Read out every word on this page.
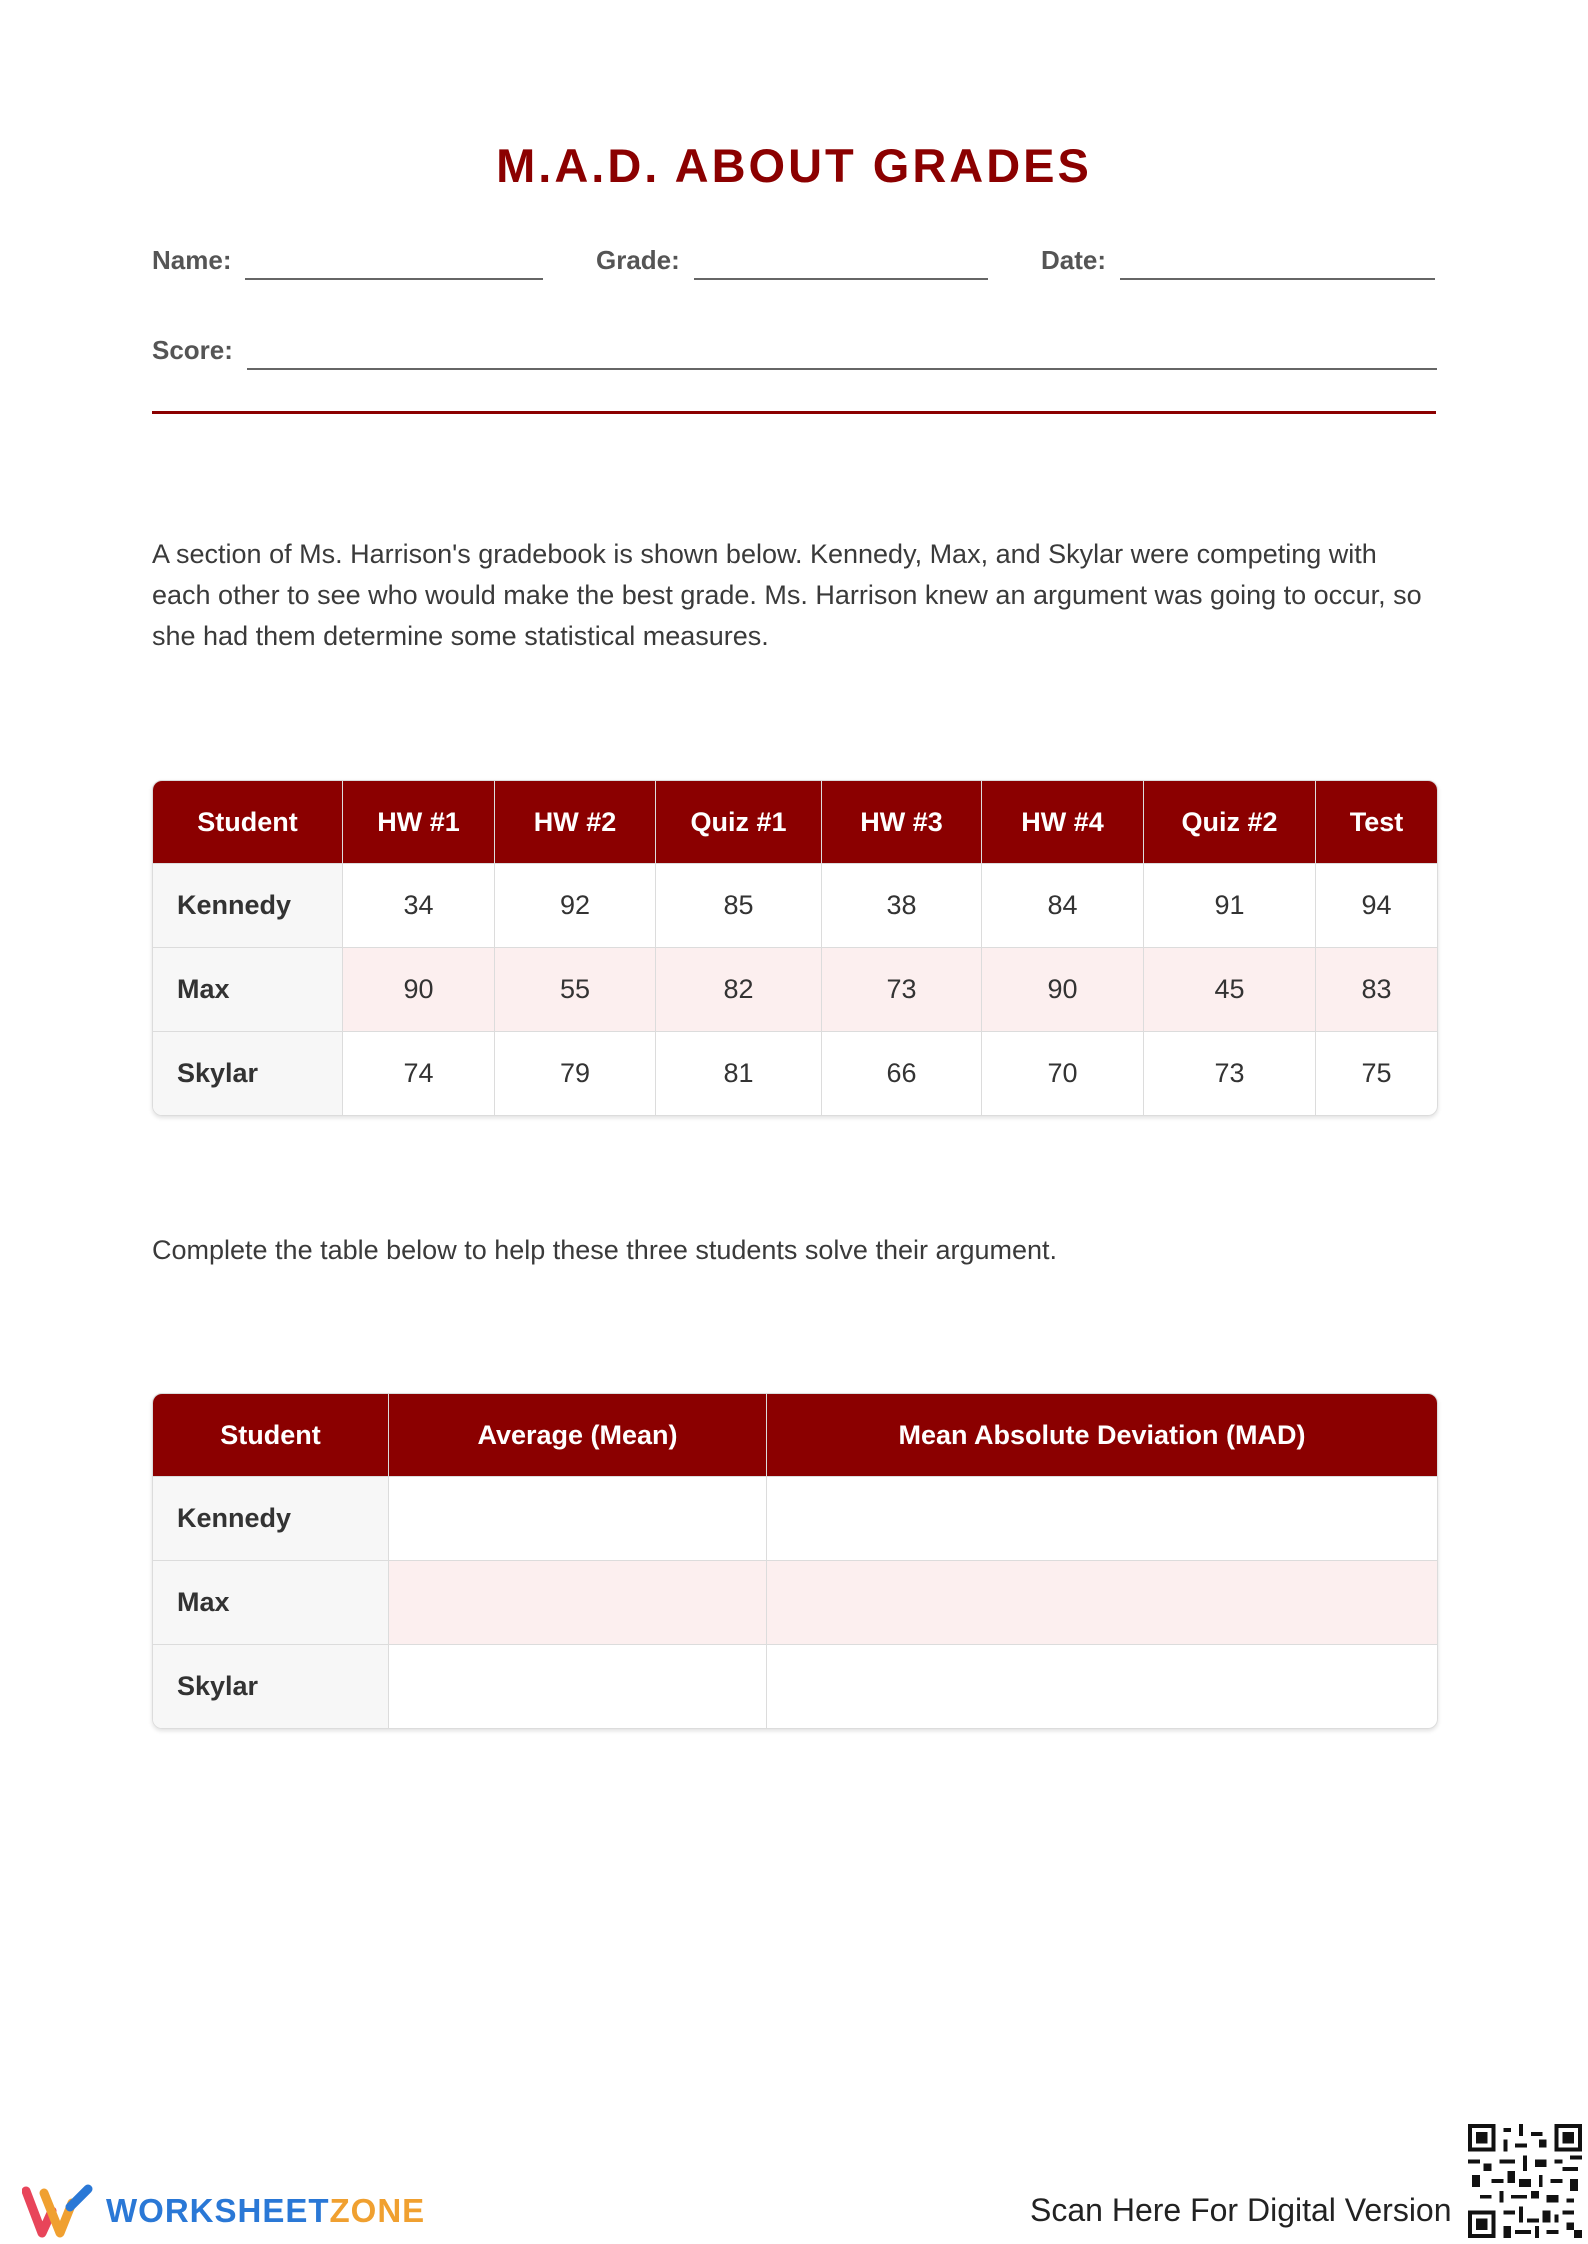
M.A.D. ABOUT GRADES
Name:	Grade:	Date:
Score:

A section of Ms. Harrison's gradebook is shown below. Kennedy, Max, and Skylar were competing with each other to see who would make the best grade. Ms. Harrison knew an argument was going to occur, so she had them determine some statistical measures.

Student	HW #1	HW #2	Quiz #1	HW #3	HW #4	Quiz #2	Test
Kennedy	34	92	85	38	84	91	94
Max	90	55	82	73	90	45	83
Skylar	74	79	81	66	70	73	75

Complete the table below to help these three students solve their argument.

Student	Average (Mean)	Mean Absolute Deviation (MAD)
Kennedy		
Max		
Skylar		
WORKSHEETZONE	Scan Here For Digital Version
